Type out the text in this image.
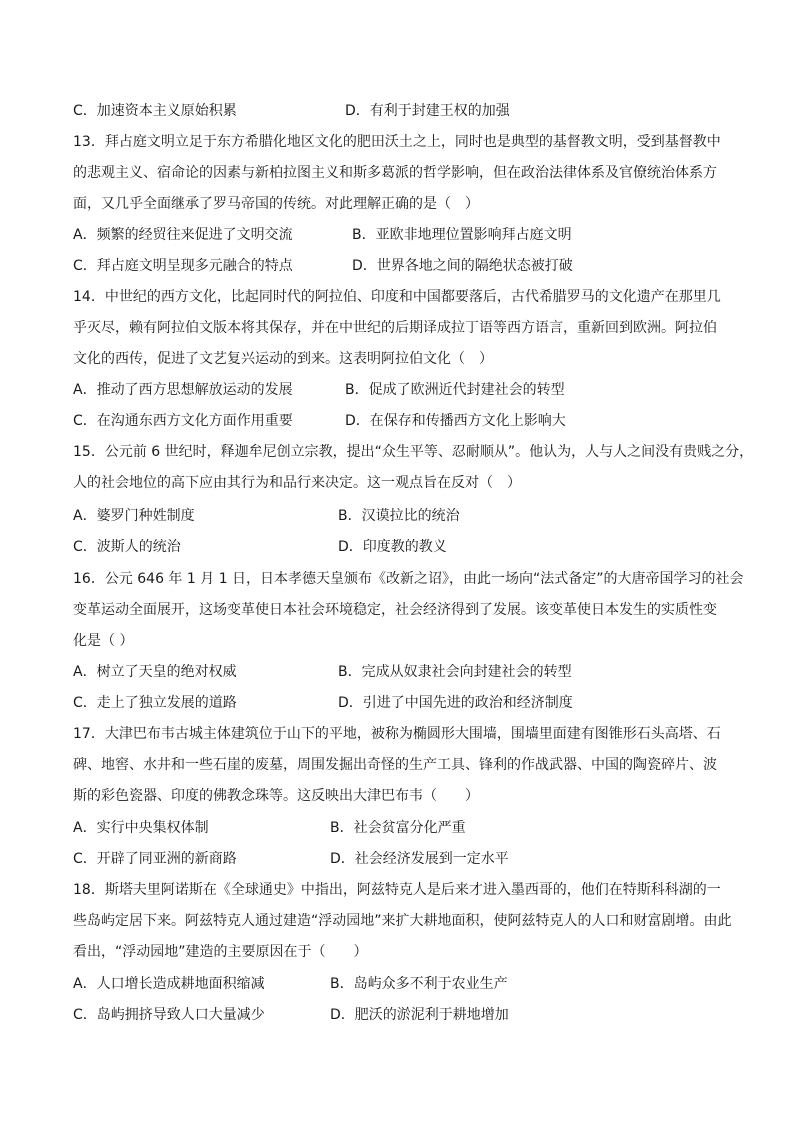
C．加速资本主义原始积累	D．有利于封建王权的加强
13．拜占庭文明立足于东方希腊化地区文化的肥田沃土之上，同时也是典型的基督教文明，受到基督教中
的悲观主义、宿命论的因素与新柏拉图主义和斯多葛派的哲学影响，但在政治法律体系及官僚统治体系方
面，又几乎全面继承了罗马帝国的传统。对此理解正确的是（　）
A．频繁的经贸往来促进了文明交流	B．亚欧非地理位置影响拜占庭文明
C．拜占庭文明呈现多元融合的特点	D．世界各地之间的隔绝状态被打破
14．中世纪的西方文化，比起同时代的阿拉伯、印度和中国都要落后，古代希腊罗马的文化遗产在那里几
乎灭尽，赖有阿拉伯文版本将其保存，并在中世纪的后期译成拉丁语等西方语言，重新回到欧洲。阿拉伯
文化的西传，促进了文艺复兴运动的到来。这表明阿拉伯文化（　）
A．推动了西方思想解放运动的发展	B．促成了欧洲近代封建社会的转型
C．在沟通东西方文化方面作用重要	D．在保存和传播西方文化上影响大
15．公元前 6 世纪时，释迦牟尼创立宗教，提出“众生平等、忍耐顺从”。他认为，人与人之间没有贵贱之分，
人的社会地位的高下应由其行为和品行来决定。这一观点旨在反对（　）
A．婆罗门种姓制度	B．汉谟拉比的统治
C．波斯人的统治	D．印度教的教义
16．公元 646 年 1 月 1 日，日本孝德天皇颁布《改新之诏》，由此一场向“法式备定”的大唐帝国学习的社会
变革运动全面展开，这场变革使日本社会环境稳定，社会经济得到了发展。该变革使日本发生的实质性变
化是（ ）
A．树立了天皇的绝对权威	B．完成从奴隶社会向封建社会的转型
C．走上了独立发展的道路	D．引进了中国先进的政治和经济制度
17．大津巴布韦古城主体建筑位于山下的平地，被称为椭圆形大围墙，围墙里面建有图锥形石头高塔、石
碑、地窖、水井和一些石崖的废墓，周围发掘出奇怪的生产工具、锋利的作战武器、中国的陶瓷碎片、波
斯的彩色瓷器、印度的佛教念珠等。这反映出大津巴布韦（　　）
A．实行中央集权体制	B．社会贫富分化严重
C．开辟了同亚洲的新商路	D．社会经济发展到一定水平
18．斯塔夫里阿诺斯在《全球通史》中指出，阿兹特克人是后来才进入墨西哥的，他们在特斯科科湖的一
些岛屿定居下来。阿兹特克人通过建造“浮动园地”来扩大耕地面积，使阿兹特克人的人口和财富剧增。由此
看出，“浮动园地”建造的主要原因在于（　　）
A．人口增长造成耕地面积缩减	B．岛屿众多不利于农业生产
C．岛屿拥挤导致人口大量减少	D．肥沃的淤泥利于耕地增加
